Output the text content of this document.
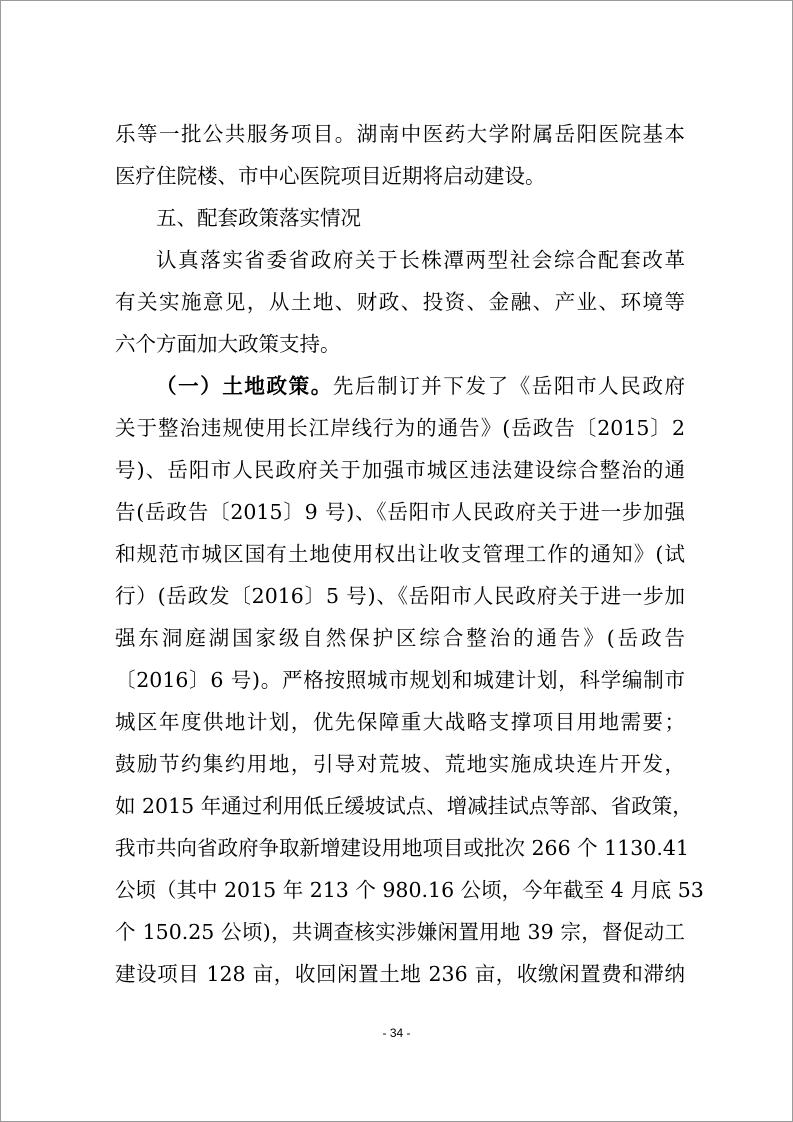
乐等一批公共服务项目。湖南中医药大学附属岳阳医院基本
医疗住院楼、市中心医院项目近期将启动建设。
五、配套政策落实情况
认真落实省委省政府关于长株潭两型社会综合配套改革
有关实施意见，从土地、财政、投资、金融、产业、环境等
六个方面加大政策支持。
（一）土地政策。先后制订并下发了《岳阳市人民政府
关于整治违规使用长江岸线行为的通告》(岳政告〔2015〕2
号)、岳阳市人民政府关于加强市城区违法建设综合整治的通
告(岳政告〔2015〕9 号)、《岳阳市人民政府关于进一步加强
和规范市城区国有土地使用权出让收支管理工作的通知》(试
行）(岳政发〔2016〕5 号)、《岳阳市人民政府关于进一步加
强东洞庭湖国家级自然保护区综合整治的通告》(岳政告
〔2016〕6 号)。严格按照城市规划和城建计划，科学编制市
城区年度供地计划，优先保障重大战略支撑项目用地需要；
鼓励节约集约用地，引导对荒坡、荒地实施成块连片开发，
如 2015 年通过利用低丘缓坡试点、增减挂试点等部、省政策，
我市共向省政府争取新增建设用地项目或批次 266 个 1130.41
公顷（其中 2015 年 213 个 980.16 公顷，今年截至 4 月底 53
个 150.25 公顷)，共调查核实涉嫌闲置用地 39 宗，督促动工
建设项目 128 亩，收回闲置土地 236 亩，收缴闲置费和滞纳
- 34 -
